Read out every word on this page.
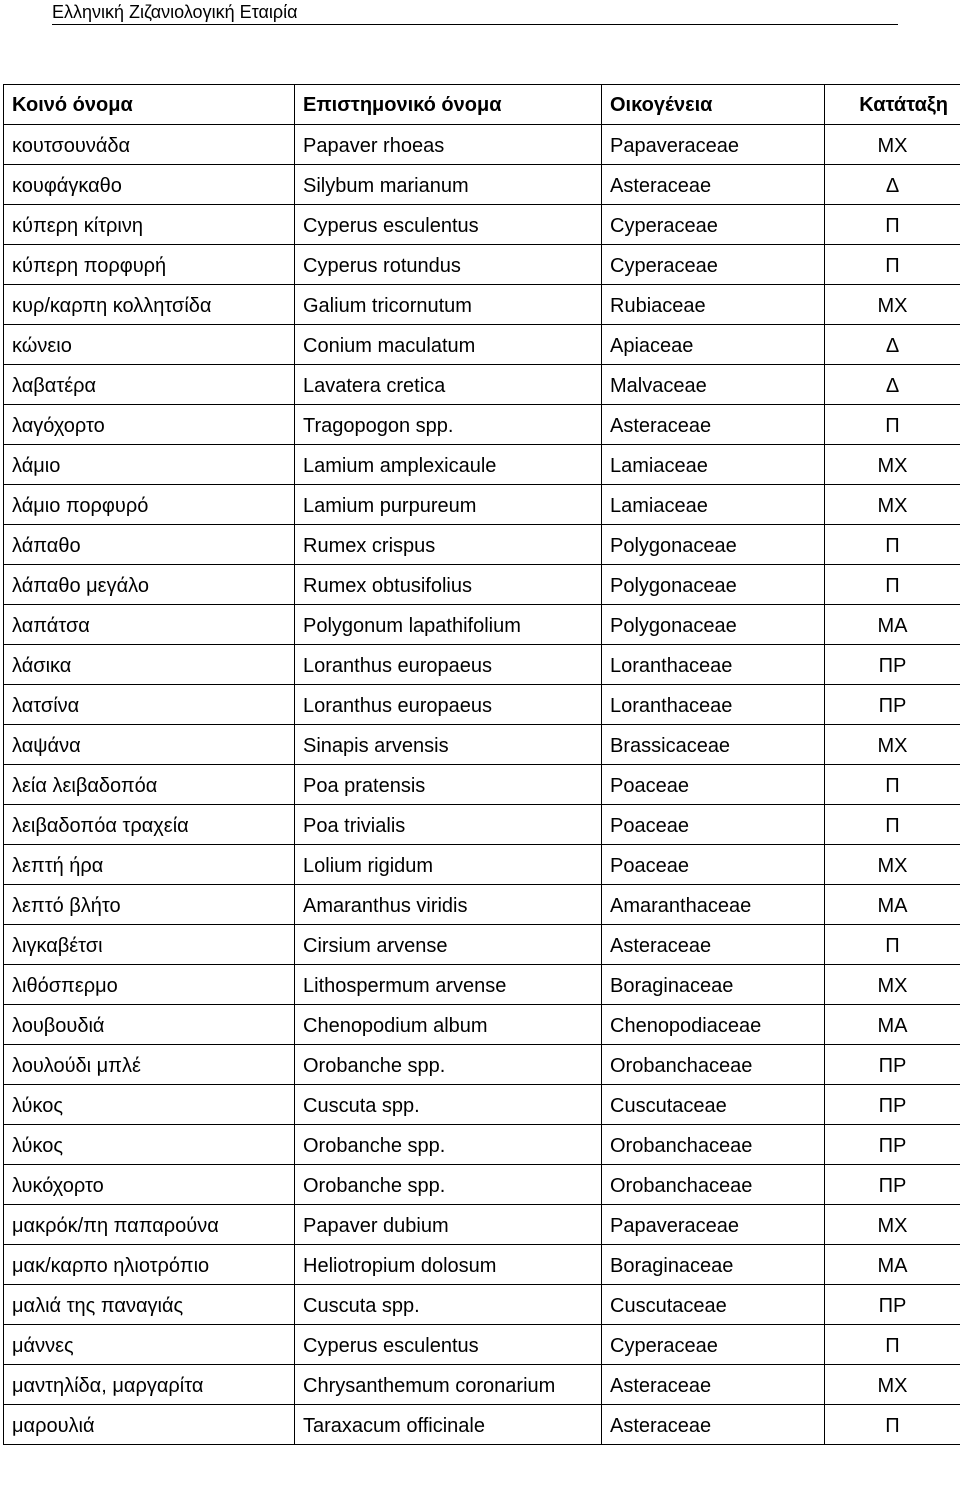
Ελληνική Ζιζανιολογική Εταιρία
Κοινό όνομα	Επιστημονικό όνομα	Οικογένεια	Κατάταξη
κουτσουνάδα	Papaver rhoeas	Papaveraceae	ΜΧ
κουφάγκαθο	Silybum marianum	Asteraceae	Δ
κύπερη κίτρινη	Cyperus esculentus	Cyperaceae	Π
κύπερη πορφυρή	Cyperus rotundus	Cyperaceae	Π
κυρ/καρπη κολλητσίδα	Galium tricornutum	Rubiaceae	ΜΧ
κώνειο	Conium maculatum	Apiaceae	Δ
λαβατέρα	Lavatera cretica	Malvaceae	Δ
λαγόχορτο	Tragopogon spp.	Asteraceae	Π
λάμιο	Lamium amplexicaule	Lamiaceae	ΜΧ
λάμιο πορφυρό	Lamium purpureum	Lamiaceae	ΜΧ
λάπαθο	Rumex crispus	Polygonaceae	Π
λάπαθο μεγάλο	Rumex obtusifolius	Polygonaceae	Π
λαπάτσα	Polygonum lapathifolium	Polygonaceae	ΜΑ
λάσικα	Loranthus europaeus	Loranthaceae	ΠΡ
λατσίνα	Loranthus europaeus	Loranthaceae	ΠΡ
λαψάνα	Sinapis arvensis	Brassicaceae	ΜΧ
λεία λειβαδοπόα	Poa pratensis	Poaceae	Π
λειβαδοπόα τραχεία	Poa trivialis	Poaceae	Π
λεπτή ήρα	Lolium rigidum	Poaceae	ΜΧ
λεπτό βλήτο	Amaranthus viridis	Amaranthaceae	ΜΑ
λιγκαβέτσι	Cirsium arvense	Asteraceae	Π
λιθόσπερμο	Lithospermum arvense	Boraginaceae	ΜΧ
λουβουδιά	Chenopodium album	Chenopodiaceae	ΜΑ
λουλούδι μπλέ	Orobanche spp.	Orobanchaceae	ΠΡ
λύκος	Cuscuta spp.	Cuscutaceae	ΠΡ
λύκος	Orobanche spp.	Orobanchaceae	ΠΡ
λυκόχορτο	Orobanche spp.	Orobanchaceae	ΠΡ
μακρόκ/πη παπαρούνα	Papaver dubium	Papaveraceae	ΜΧ
μακ/καρπο ηλιοτρόπιο	Heliotropium dolosum	Boraginaceae	ΜΑ
μαλιά της παναγιάς	Cuscuta spp.	Cuscutaceae	ΠΡ
μάννες	Cyperus esculentus	Cyperaceae	Π
μαντηλίδα, μαργαρίτα	Chrysanthemum coronarium	Asteraceae	ΜΧ
μαρουλιά	Taraxacum officinale	Asteraceae	Π
